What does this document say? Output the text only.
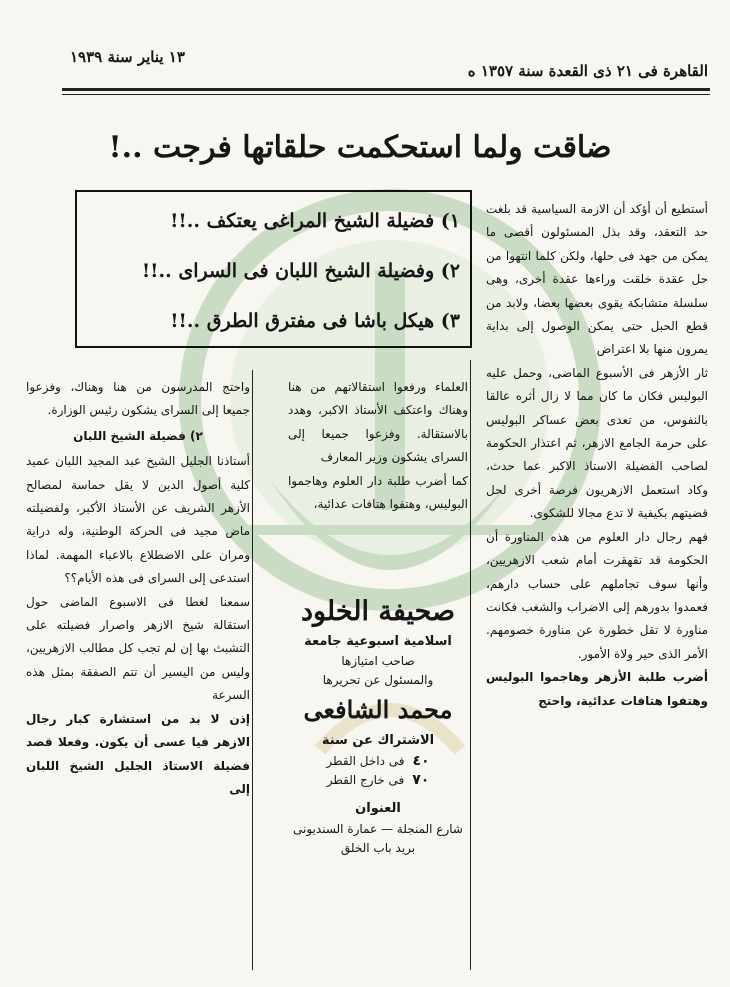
١٣ يناير سنة ١٩٣٩
القاهرة فى ٢١ ذى القعدة سنة ١٣٥٧ ه
ضاقت ولما استحكمت حلقاتها فرجت ..!
١) فضيلة الشيخ المراغى يعتكف ..!!
٢) وفضيلة الشيخ اللبان فى السراى ..!!
٣) هيكل باشا فى مفترق الطرق ..!!

أستطيع أن أؤكد أن الازمة السياسية قد بلغت حد التعقد، وقد بذل المسئولون أقصى ما يمكن من جهد فى حلها، ولكن كلما انتهوا من حل عقدة خلقت وراءها عقدة أخرى، وهى سلسلة متشابكة يقوى بعضها بعضا، ولابد من قطع الحبل حتى يمكن الوصول إلى بداية يمرون منها بلا اعتراض

ثار الأزهر فى الأسبوع الماضى، وحمل عليه البوليس فكان ما كان مما لا زال أثره عالقا بالنفوس، من تعدى بعض عساكر البوليس على حرمة الجامع الازهر، ثم اعتذار الحكومة لصاحب الفضيلة الاستاذ الاكبر عما حدث، وكاد استعمل الازهريون فرصة أخرى لحل قضيتهم بكيفية لا تدع مجالا للشكوى.

فهم رجال دار العلوم من هذه المناورة أن الحكومة قد تقهقرت أمام شعب الازهريين، وأنها سوف تجاملهم على حساب دارهم، فعمدوا بدورهم إلى الاضراب والشغب فكانت مناورة لا تقل خطورة عن مناورة خصومهم. الأمر الذى حير ولاة الأمور.

أضرب طلبة الأزهر وهاجموا البوليس وهتفوا هتافات عدائية، واحتج

العلماء ورفعوا استقالاتهم من هنا وهناك واعتكف الأستاذ الاكبر، وهدد بالاستقالة. وفزعوا جميعا إلى السراى يشكون وزير المعارف

كما أضرب طلبة دار العلوم وهاجموا البوليس، وهتفوا هتافات عدائية،

صحيفة الخلود
اسلامية اسبوعية جامعة
صاحب امتيازها
والمسئول عن تحريرها
محمد الشافعى
الاشتراك عن سنة
٤٠فى داخل القطر
٧٠فى خارج القطر
العنوان
شارع المنجلة — عمارة السنديونى
بريد باب الخلق

واحتج المدرسون من هنا وهناك، وفزعوا جميعا إلى السراى يشكون رئيس الوزارة.

٢) فضيلة الشيخ اللبان

أستاذنا الجليل الشيخ عبد المجيد اللبان عميد كلية أصول الدين لا يقل حماسة لمصالح الأزهر الشريف عن الأستاذ الأكبر، ولفضيلته ماض مجيد فى الحركة الوطنية، وله دراية ومران على الاضطلاع بالاعباء المهمة. لماذا استدعى إلى السراى فى هذه الأيام؟؟

سمعنا لغطا فى الاسبوع الماضى حول استقالة شيخ الازهر واصرار فضيلته على التشبث بها إن لم تجب كل مطالب الازهريين، وليس من اليسير أن تتم الصفقة بمثل هذه السرعة

إذن لا بد من استشارة كبار رجال الازهر فيا عسى أن يكون. وفعلا قصد فضيلة الاستاذ الجليل الشيخ اللبان إلى
